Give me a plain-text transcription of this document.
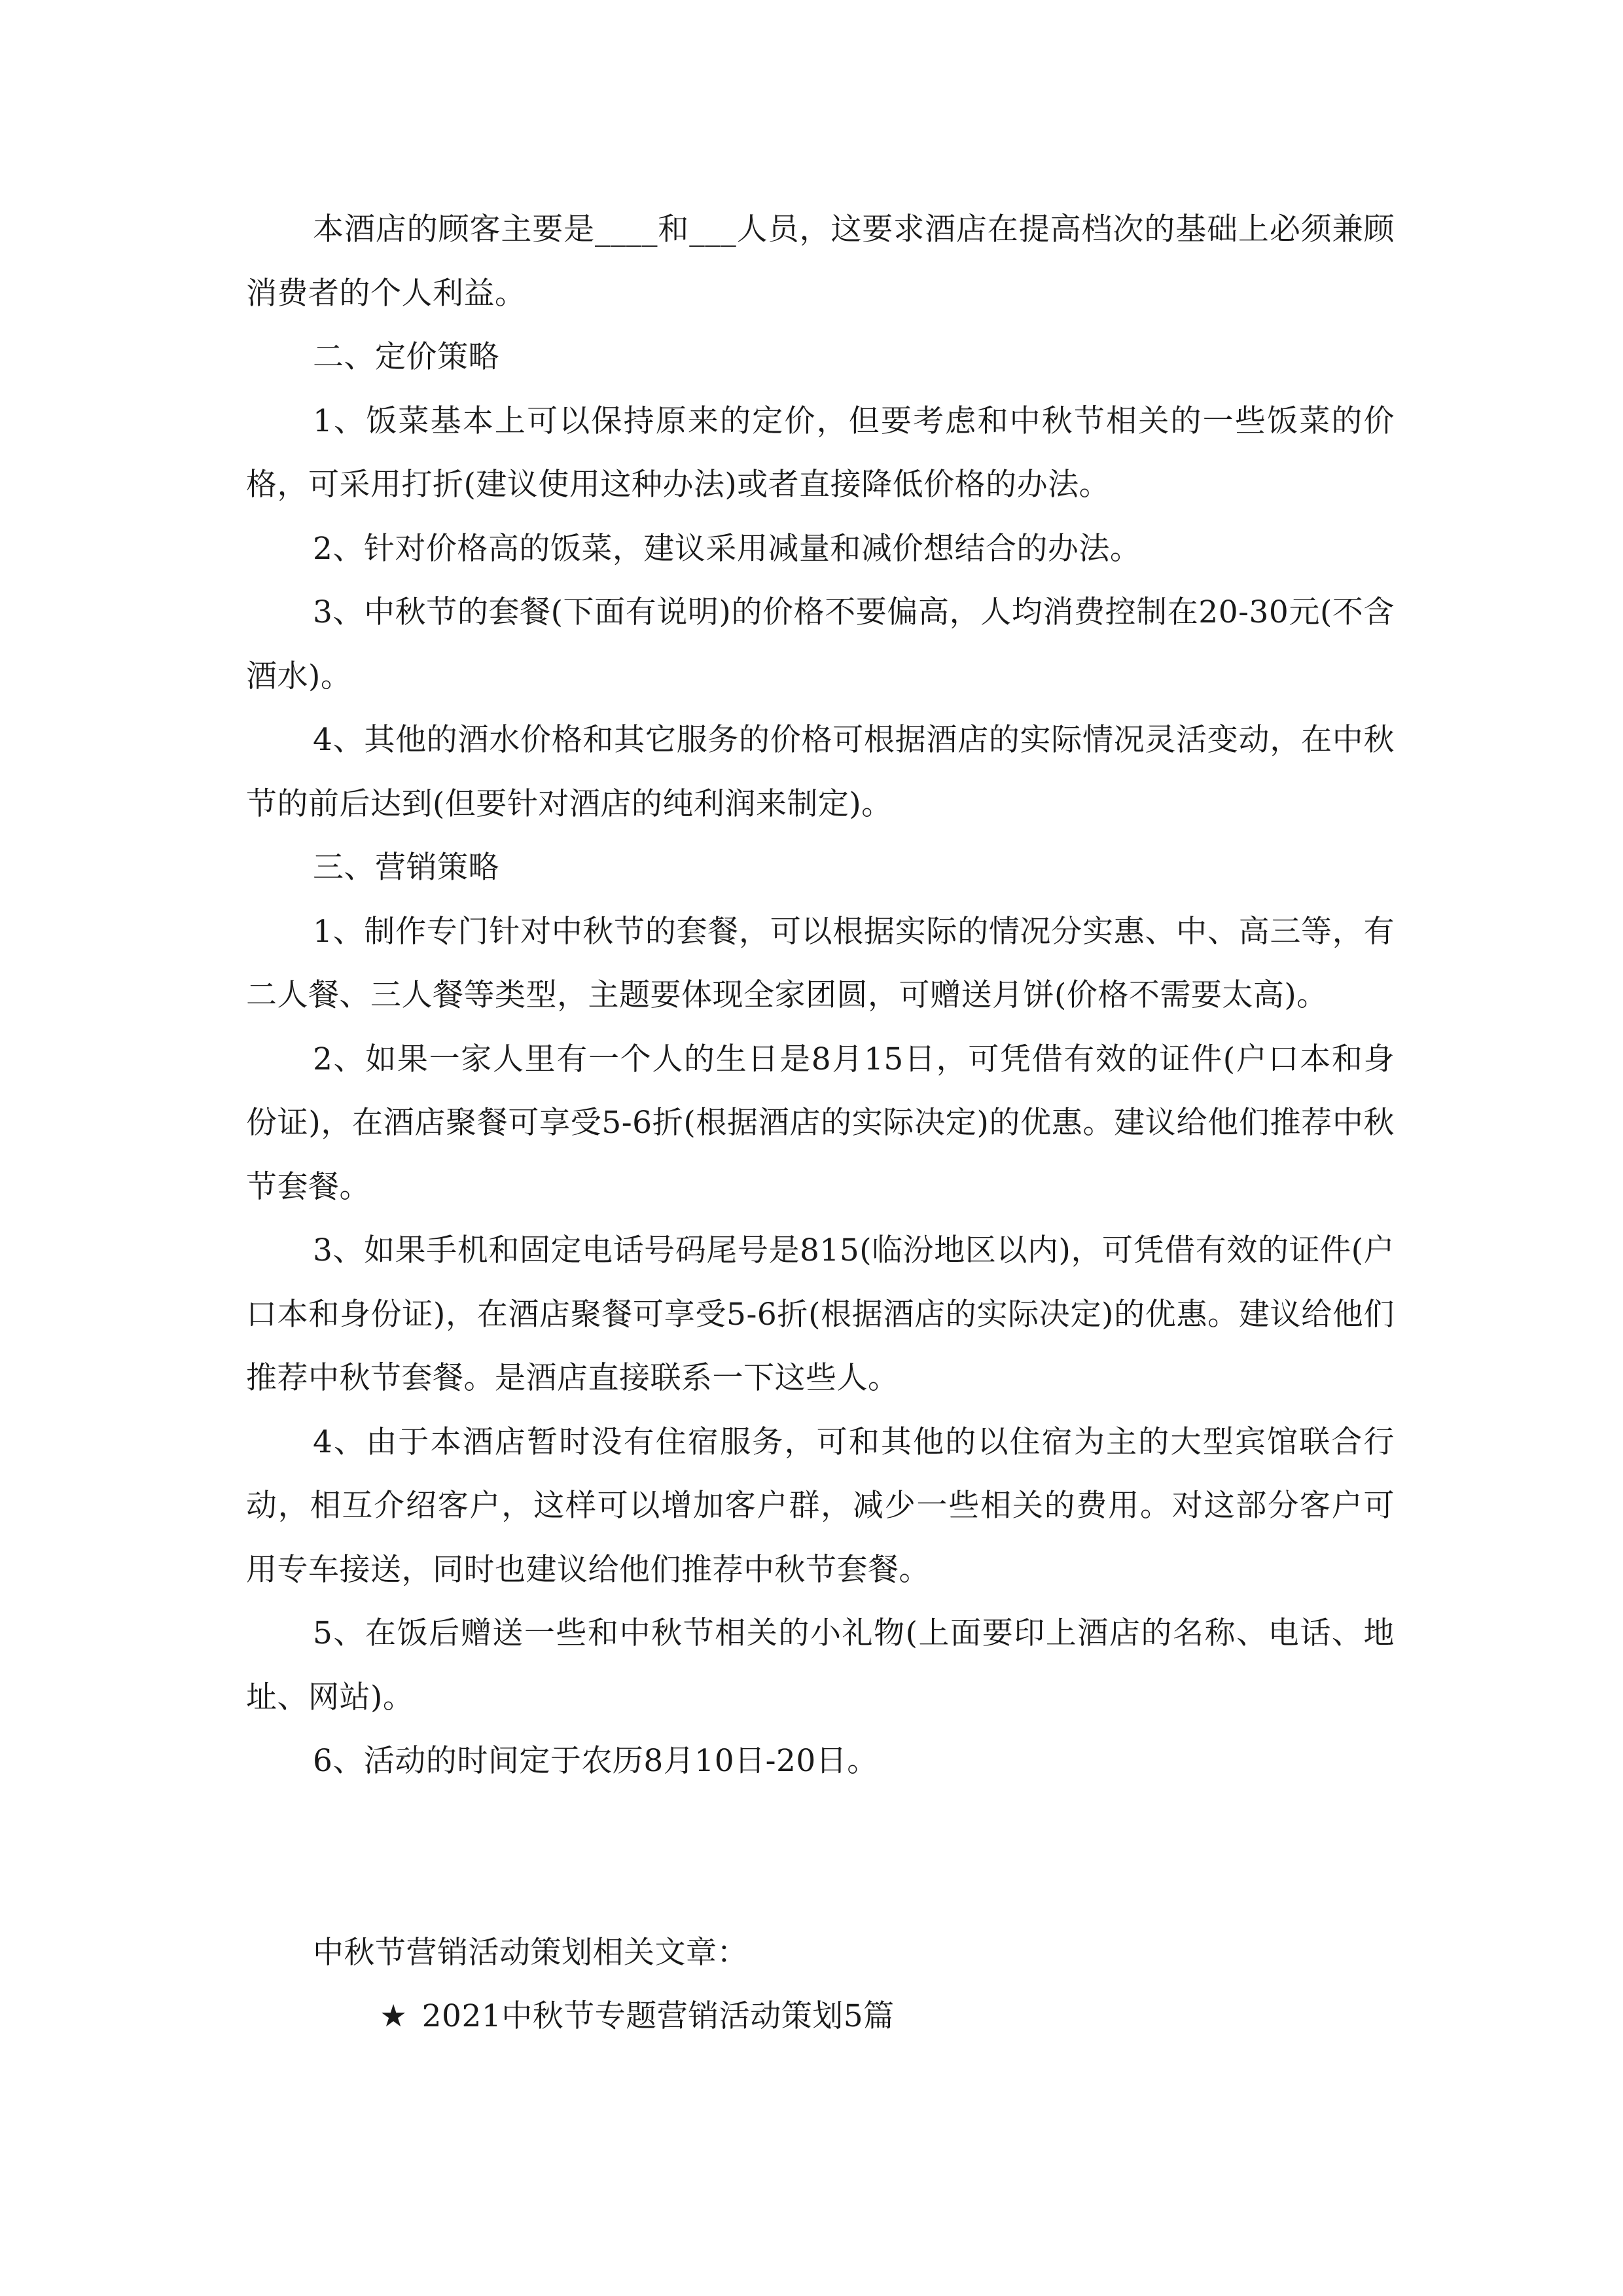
本酒店的顾客主要是____和___人员，这要求酒店在提高档次的基础上必须兼顾消费者的个人利益。

二、定价策略

1、饭菜基本上可以保持原来的定价，但要考虑和中秋节相关的一些饭菜的价格，可采用打折(建议使用这种办法)或者直接降低价格的办法。

2、针对价格高的饭菜，建议采用减量和减价想结合的办法。

3、中秋节的套餐(下面有说明)的价格不要偏高，人均消费控制在20-30元(不含酒水)。

4、其他的酒水价格和其它服务的价格可根据酒店的实际情况灵活变动，在中秋节的前后达到(但要针对酒店的纯利润来制定)。

三、营销策略

1、制作专门针对中秋节的套餐，可以根据实际的情况分实惠、中、高三等，有二人餐、三人餐等类型，主题要体现全家团圆，可赠送月饼(价格不需要太高)。

2、如果一家人里有一个人的生日是8月15日，可凭借有效的证件(户口本和身份证)，在酒店聚餐可享受5-6折(根据酒店的实际决定)的优惠。建议给他们推荐中秋节套餐。

3、如果手机和固定电话号码尾号是815(临汾地区以内)，可凭借有效的证件(户口本和身份证)，在酒店聚餐可享受5-6折(根据酒店的实际决定)的优惠。建议给他们推荐中秋节套餐。是酒店直接联系一下这些人。

4、由于本酒店暂时没有住宿服务，可和其他的以住宿为主的大型宾馆联合行动，相互介绍客户，这样可以增加客户群，减少一些相关的费用。对这部分客户可用专车接送，同时也建议给他们推荐中秋节套餐。

5、在饭后赠送一些和中秋节相关的小礼物(上面要印上酒店的名称、电话、地址、网站)。

6、活动的时间定于农历8月10日-20日。

中秋节营销活动策划相关文章：

★ 2021中秋节专题营销活动策划5篇
